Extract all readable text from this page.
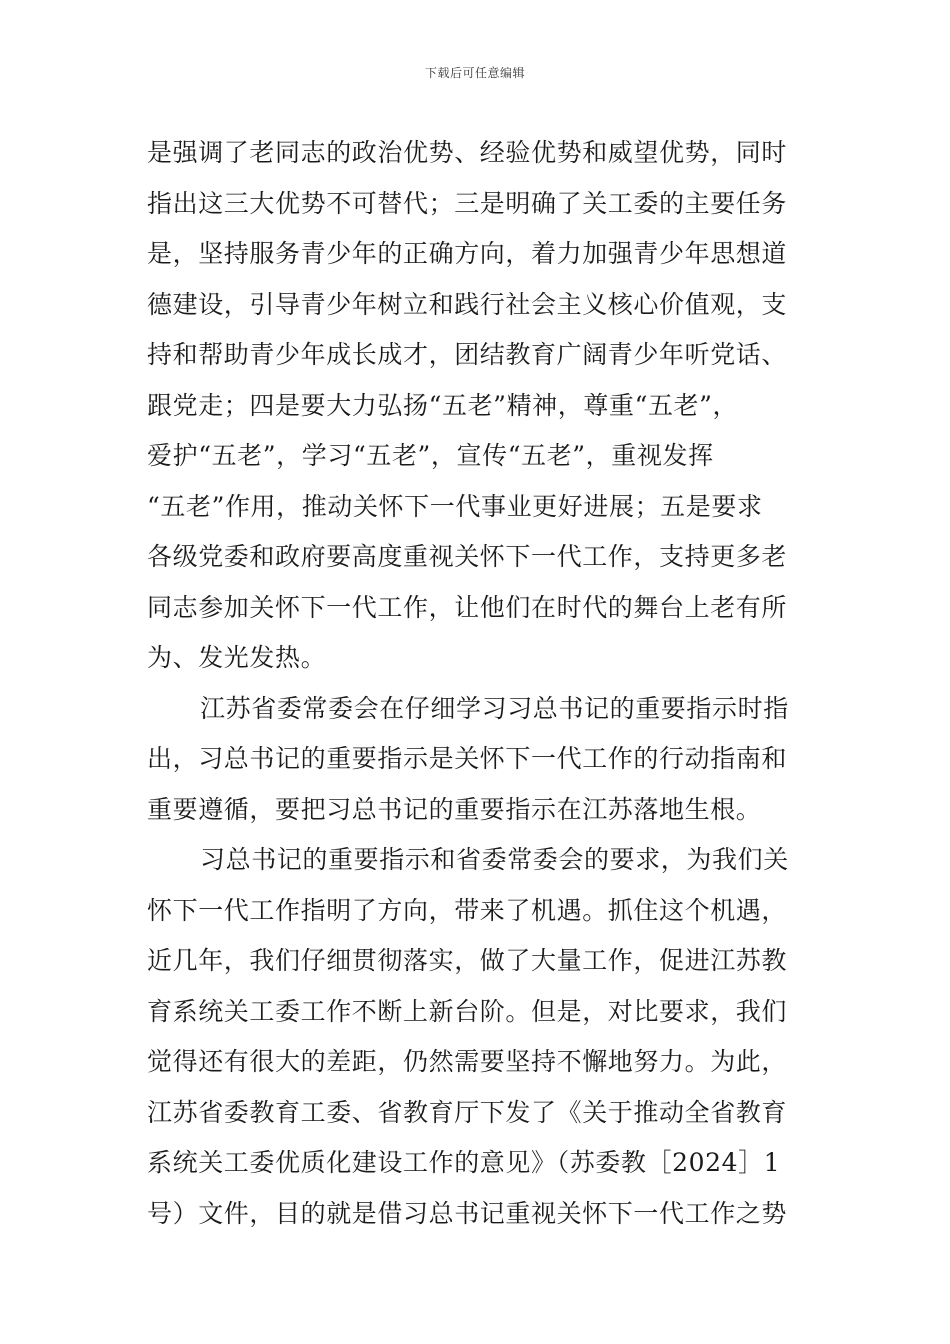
下载后可任意编辑
是强调了老同志的政治优势、经验优势和威望优势，同时
指出这三大优势不可替代；三是明确了关工委的主要任务
是，坚持服务青少年的正确方向，着力加强青少年思想道
德建设，引导青少年树立和践行社会主义核心价值观，支
持和帮助青少年成长成才，团结教育广阔青少年听党话、
跟党走；四是要大力弘扬“五老”精神，尊重“五老”，
爱护“五老”，学习“五老”，宣传“五老”，重视发挥
“五老”作用，推动关怀下一代事业更好进展；五是要求
各级党委和政府要高度重视关怀下一代工作，支持更多老
同志参加关怀下一代工作，让他们在时代的舞台上老有所
为、发光发热。
江苏省委常委会在仔细学习习总书记的重要指示时指
出，习总书记的重要指示是关怀下一代工作的行动指南和
重要遵循，要把习总书记的重要指示在江苏落地生根。
习总书记的重要指示和省委常委会的要求，为我们关
怀下一代工作指明了方向，带来了机遇。抓住这个机遇，
近几年，我们仔细贯彻落实，做了大量工作，促进江苏教
育系统关工委工作不断上新台阶。但是，对比要求，我们
觉得还有很大的差距，仍然需要坚持不懈地努力。为此，
江苏省委教育工委、省教育厅下发了《关于推动全省教育
系统关工委优质化建设工作的意见》（苏委教［2024］1
号）文件，目的就是借习总书记重视关怀下一代工作之势
